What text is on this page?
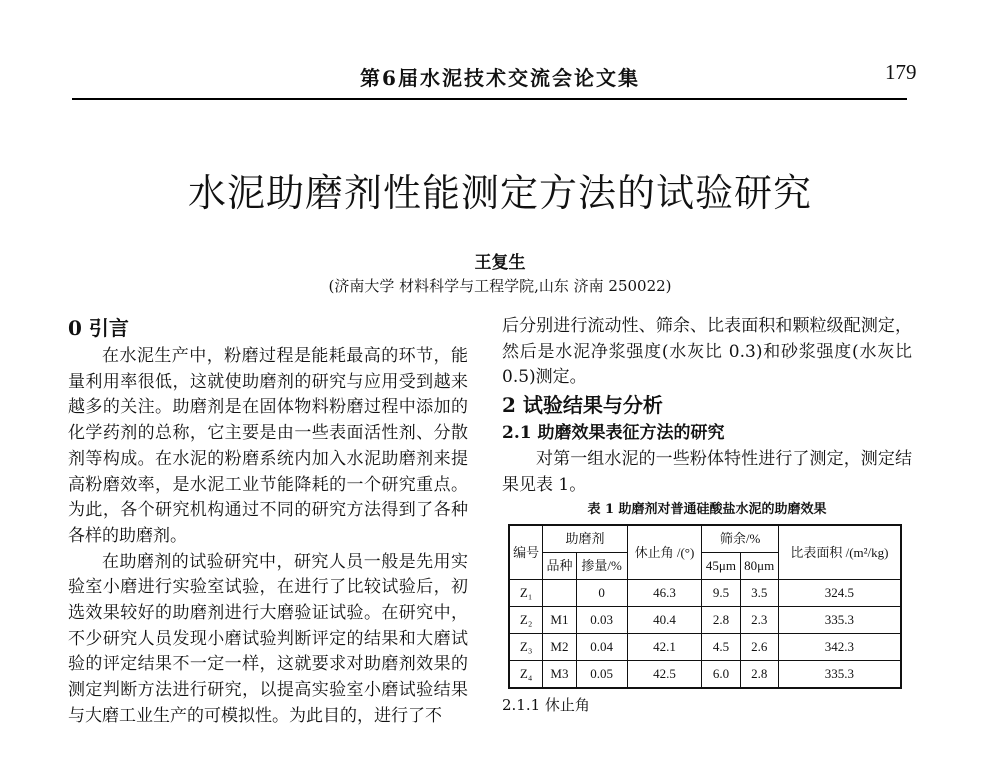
第6届水泥技术交流会论文集	179
水泥助磨剂性能测定方法的试验研究
王复生
(济南大学 材料科学与工程学院,山东 济南 250022)
0 引言

在水泥生产中，粉磨过程是能耗最高的环节，能量利用率很低，这就使助磨剂的研究与应用受到越来越多的关注。助磨剂是在固体物料粉磨过程中添加的化学药剂的总称，它主要是由一些表面活性剂、分散剂等构成。在水泥的粉磨系统内加入水泥助磨剂来提高粉磨效率，是水泥工业节能降耗的一个研究重点。为此，各个研究机构通过不同的研究方法得到了各种各样的助磨剂。

在助磨剂的试验研究中，研究人员一般是先用实验室小磨进行实验室试验，在进行了比较试验后，初选效果较好的助磨剂进行大磨验证试验。在研究中，不少研究人员发现小磨试验判断评定的结果和大磨试验的评定结果不一定一样，这就要求对助磨剂效果的测定判断方法进行研究，以提高实验室小磨试验结果与大磨工业生产的可模拟性。为此目的，进行了不

后分别进行流动性、筛余、比表面积和颗粒级配测定，然后是水泥净浆强度(水灰比 0.3)和砂浆强度(水灰比 0.5)测定。

2 试验结果与分析
2.1 助磨效果表征方法的研究

对第一组水泥的一些粉体特性进行了测定，测定结果见表 1。

表 1 助磨剂对普通硅酸盐水泥的助磨效果
编号	助磨剂		休止角 /(°)	筛余/%		比表面积 /(m²/kg)
	品种	掺量/%		45μm	80μm	
Z₁		0	46.3	9.5	3.5	324.5
Z₂	M1	0.03	40.4	2.8	2.3	335.3
Z₃	M2	0.04	42.1	4.5	2.6	342.3
Z₄	M3	0.05	42.5	6.0	2.8	335.3
2.1.1 休止角
